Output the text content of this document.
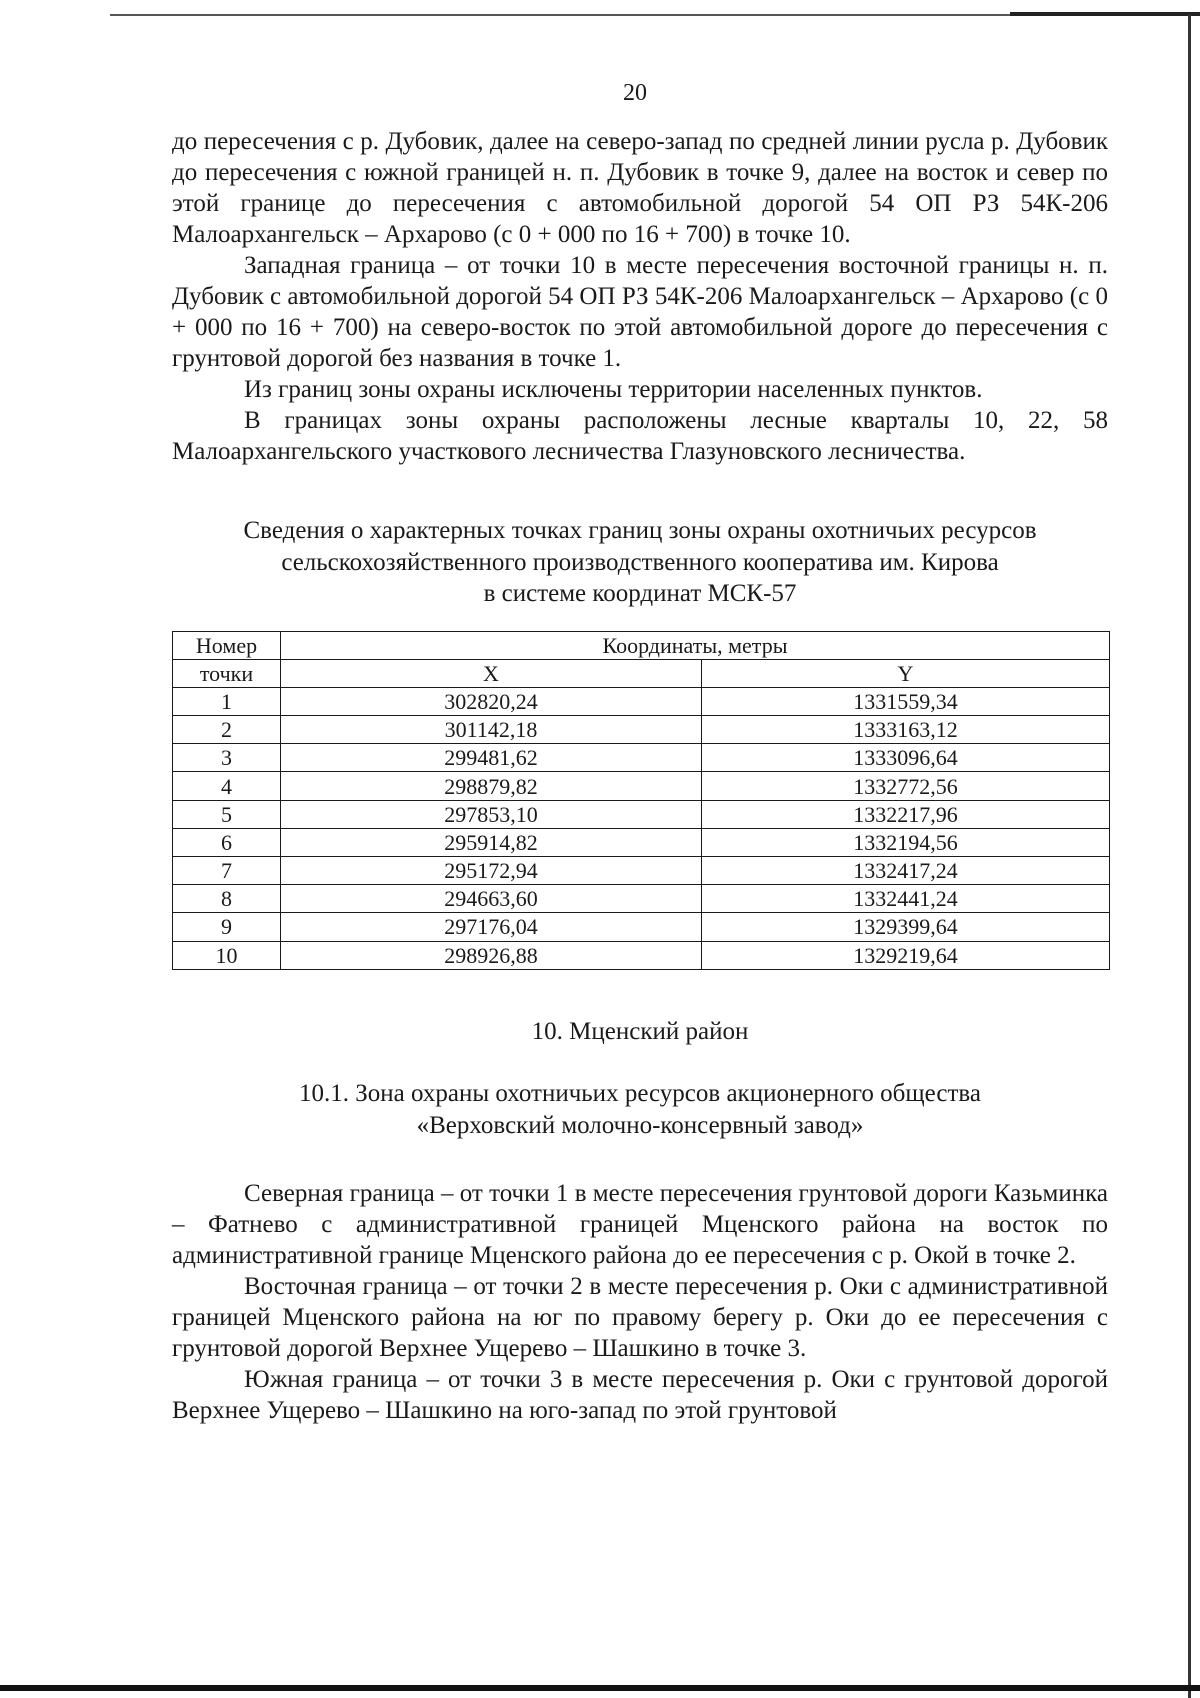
20

до пересечения с р. Дубовик, далее на северо-запад по средней линии русла р. Дубовик до пересечения с южной границей н. п. Дубовик в точке 9, далее на восток и север по этой границе до пересечения с автомобильной дорогой 54 ОП РЗ 54К-206 Малоархангельск – Архарово (с 0 + 000 по 16 + 700) в точке 10.

Западная граница – от точки 10 в месте пересечения восточной границы н. п. Дубовик с автомобильной дорогой 54 ОП РЗ 54К-206 Малоархангельск – Архарово (с 0 + 000 по 16 + 700) на северо-восток по этой автомобильной дороге до пересечения с грунтовой дорогой без названия в точке 1.

Из границ зоны охраны исключены территории населенных пунктов.

В границах зоны охраны расположены лесные кварталы 10, 22, 58 Малоархангельского участкового лесничества Глазуновского лесничества.

Сведения о характерных точках границ зоны охраны охотничьих ресурсов

сельскохозяйственного производственного кооператива им. Кирова

в системе координат МСК-57

Номер	Координаты, метры	
точки	X	Y
1	302820,24	1331559,34
2	301142,18	1333163,12
3	299481,62	1333096,64
4	298879,82	1332772,56
5	297853,10	1332217,96
6	295914,82	1332194,56
7	295172,94	1332417,24
8	294663,60	1332441,24
9	297176,04	1329399,64
10	298926,88	1329219,64

10. Мценский район

10.1. Зона охраны охотничьих ресурсов акционерного общества

«Верховский молочно-консервный завод»

Северная граница – от точки 1 в месте пересечения грунтовой дороги Казьминка – Фатнево с административной границей Мценского района на восток по административной границе Мценского района до ее пересечения с р. Окой в точке 2.

Восточная граница – от точки 2 в месте пересечения р. Оки с административной границей Мценского района на юг по правому берегу р. Оки до ее пересечения с грунтовой дорогой Верхнее Ущерево – Шашкино в точке 3.

Южная граница – от точки 3 в месте пересечения р. Оки с грунтовой дорогой Верхнее Ущерево – Шашкино на юго-запад по этой грунтовой
